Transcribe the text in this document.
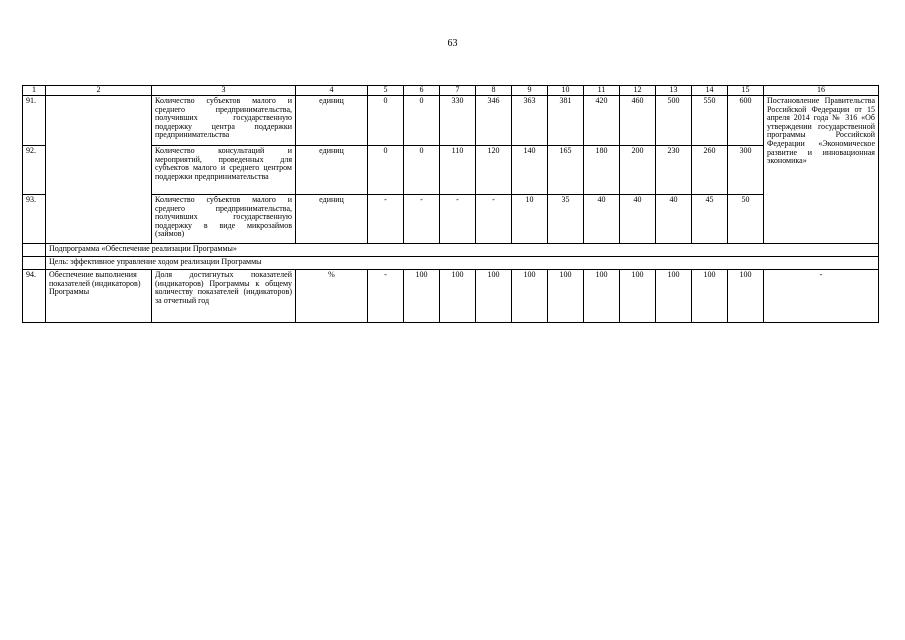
63
1	2	3	4	5	6	7	8	9	10	11	12	13	14	15	16
91.		Количество субъектов малого и среднего предпринимательства, получивших государственную поддержку центра поддержки предпринимательства	единиц	0	0	330	346	363	381	420	460	500	550	600	Постановление Правительства Российской Федерации от 15 апреля 2014 года № 316 «Об утверждении государственной программы Российской Федерации «Экономическое развитие и инновационная экономика»
92.		Количество консультаций и мероприятий, проведенных для субъектов малого и среднего центром поддержки предпринимательства	единиц	0	0	110	120	140	165	180	200	230	260	300	
93.		Количество субъектов малого и среднего предпринимательства, получивших государственную поддержку в виде микрозаймов (займов)	единиц	-	-	-	-	10	35	40	40	40	45	50	
	Подпрограмма «Обеспечение реализации Программы»														
	Цель: эффективное управление ходом реализации Программы														
94.	Обеспечение выполнения показателей (индикаторов) Программы	Доля достигнутых показателей (индикаторов) Программы к общему количеству показателей (индикаторов) за отчетный год	%	-	100	100	100	100	100	100	100	100	100	100	-
